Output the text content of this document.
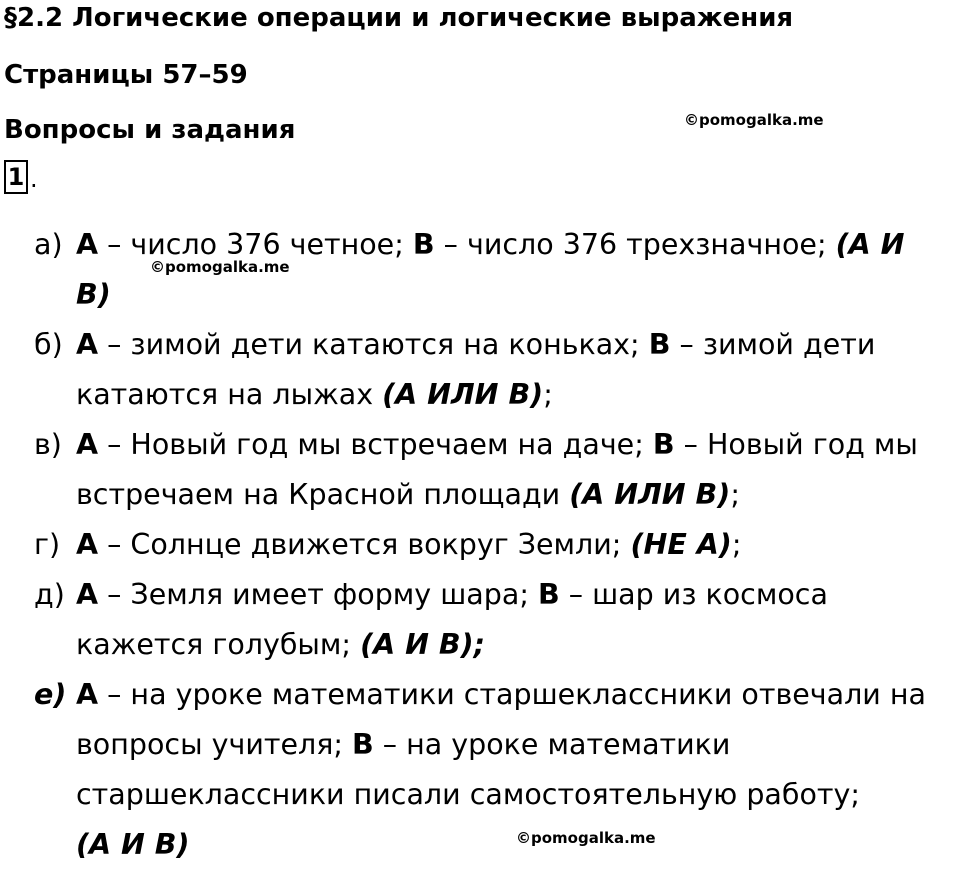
§2.2 Логические операции и логические выражения
Страницы 57–59
Вопросы и задания	©pomogalka.me
1 .
а) А – число 376 четное; В – число 376 трехзначное; (А И
В)
б) А – зимой дети катаются на коньках; В – зимой дети
катаются на лыжах (А ИЛИ В);
в) А – Новый год мы встречаем на даче; В – Новый год мы
встречаем на Красной площади (А ИЛИ В);
г) А – Солнце движется вокруг Земли; (НЕ А);
д) А – Земля имеет форму шара; В – шар из космоса
кажется голубым; (А И В);
е) А – на уроке математики старшеклассники отвечали на
вопросы учителя; В – на уроке математики
старшеклассники писали самостоятельную работу;
(А И В)
©pomogalka.me
©pomogalka.me
